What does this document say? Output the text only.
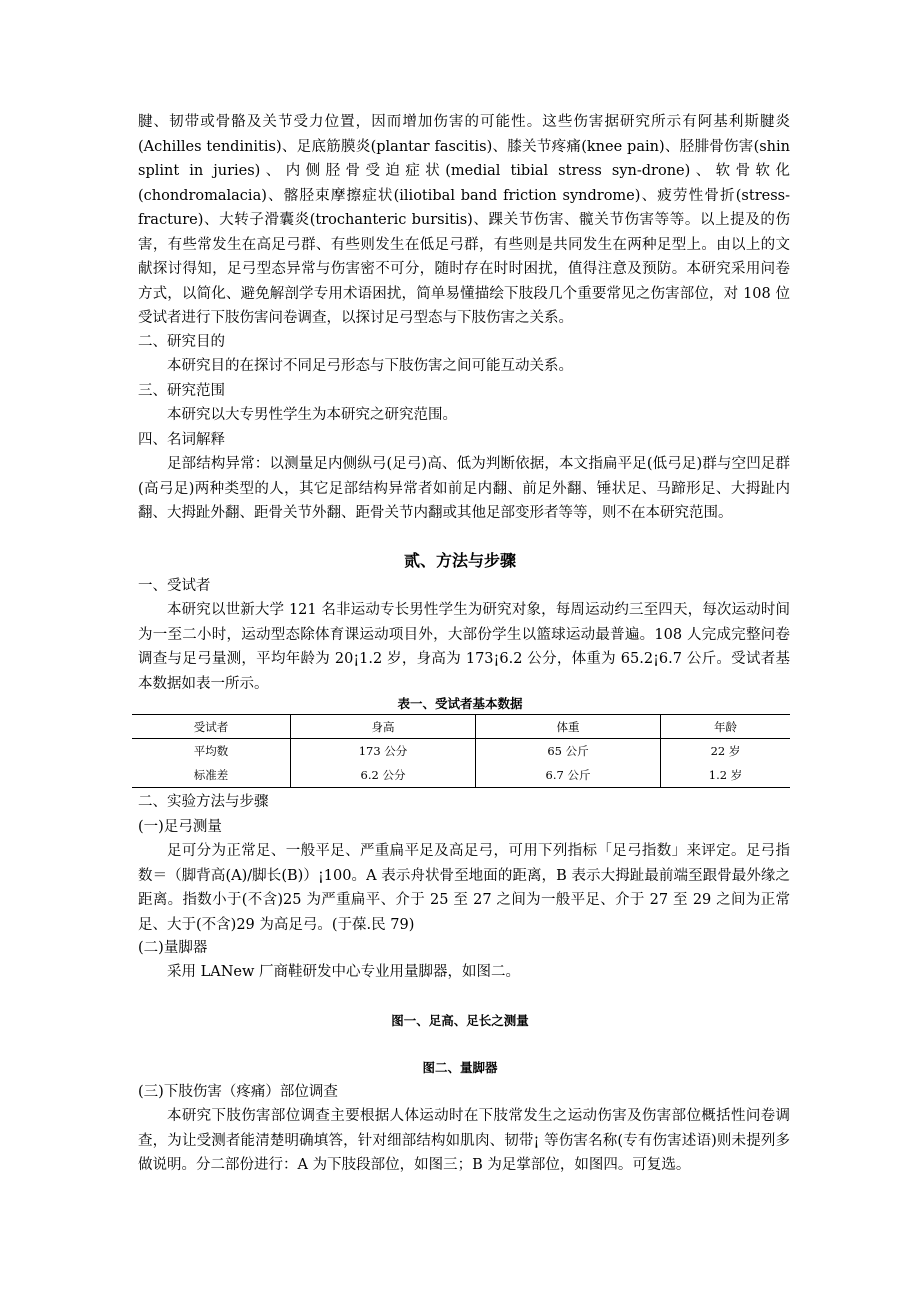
腱、韧带或骨骼及关节受力位置，因而增加伤害的可能性。这些伤害据研究所示有阿基利斯腱炎(Achilles tendinitis)、足底筋膜炎(plantar fascitis)、膝关节疼痛(knee pain)、胫腓骨伤害(shin splint in juries)、内侧胫骨受迫症状(medial tibial stress syn-drone)、软骨软化(chondromalacia)、髂胫束摩擦症状(iliotibal band friction syndrome)、疲劳性骨折(stress-fracture)、大转子滑囊炎(trochanteric bursitis)、踝关节伤害、髋关节伤害等等。以上提及的伤害，有些常发生在高足弓群、有些则发生在低足弓群，有些则是共同发生在两种足型上。由以上的文献探讨得知，足弓型态异常与伤害密不可分，随时存在时时困扰，值得注意及预防。本研究采用问卷方式，以简化、避免解剖学专用术语困扰，简单易懂描绘下肢段几个重要常见之伤害部位，对 108 位受试者进行下肢伤害问卷调查，以探讨足弓型态与下肢伤害之关系。
二、研究目的
本研究目的在探讨不同足弓形态与下肢伤害之间可能互动关系。
三、研究范围
本研究以大专男性学生为本研究之研究范围。
四、名词解释
足部结构异常：以测量足内侧纵弓(足弓)高、低为判断依据，本文指扁平足(低弓足)群与空凹足群(高弓足)两种类型的人，其它足部结构异常者如前足内翻、前足外翻、锤状足、马蹄形足、大拇趾内翻、大拇趾外翻、距骨关节外翻、距骨关节内翻或其他足部变形者等等，则不在本研究范围。
贰、方法与步骤
一、受试者
本研究以世新大学 121 名非运动专长男性学生为研究对象，每周运动约三至四天，每次运动时间为一至二小时，运动型态除体育课运动项目外，大部份学生以篮球运动最普遍。108 人完成完整问卷调查与足弓量测，平均年龄为 20¡1.2 岁，身高为 173¡6.2 公分，体重为 65.2¡6.7 公斤。受试者基本数据如表一所示。
表一、受试者基本数据
受试者	身高	体重	年龄
平均数	173 公分	65 公斤	22 岁
标准差	6.2 公分	6.7 公斤	1.2 岁
二、实验方法与步骤
(一)足弓测量
足可分为正常足、一般平足、严重扁平足及高足弓，可用下列指标「足弓指数」来评定。足弓指数＝（脚背高(A)/脚长(B)）¡100。A 表示舟状骨至地面的距离，B 表示大拇趾最前端至跟骨最外缘之距离。指数小于(不含)25 为严重扁平、介于 25 至 27 之间为一般平足、介于 27 至 29 之间为正常足、大于(不含)29 为高足弓。(于葆.民 79)
(二)量脚器
采用 LANew 厂商鞋研发中心专业用量脚器，如图二。
图一、足高、足长之测量
图二、量脚器
(三)下肢伤害（疼痛）部位调查
本研究下肢伤害部位调查主要根据人体运动时在下肢常发生之运动伤害及伤害部位概括性问卷调查，为让受测者能清楚明确填答，针对细部结构如肌肉、韧带¡ 等伤害名称(专有伤害述语)则未提列多做说明。分二部份进行：A 为下肢段部位，如图三；B 为足掌部位，如图四。可复选。
